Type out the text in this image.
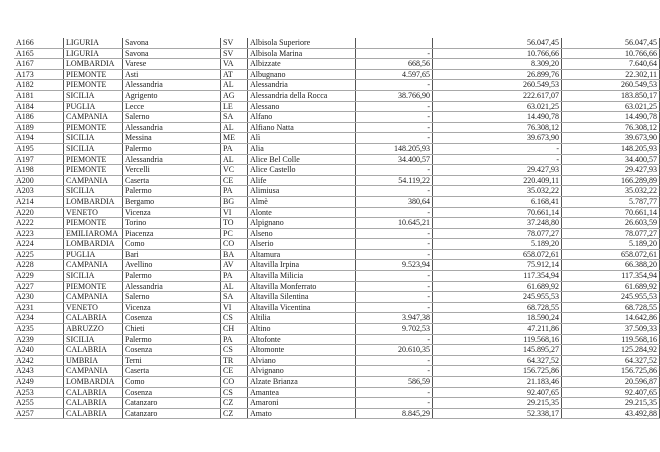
A166	LIGURIA	Savona	SV	Albisola Superiore		56.047,45	56.047,45
A165	LIGURIA	Savona	SV	Albisola Marina	-	10.766,66	10.766,66
A167	LOMBARDIA	Varese	VA	Albizzate	668,56	8.309,20	7.640,64
A173	PIEMONTE	Asti	AT	Albugnano	4.597,65	26.899,76	22.302,11
A182	PIEMONTE	Alessandria	AL	Alessandria	-	260.549,53	260.549,53
A181	SICILIA	Agrigento	AG	Alessandria della Rocca	38.766,90	222.617,07	183.850,17
A184	PUGLIA	Lecce	LE	Alessano	-	63.021,25	63.021,25
A186	CAMPANIA	Salerno	SA	Alfano	-	14.490,78	14.490,78
A189	PIEMONTE	Alessandria	AL	Alfiano Natta	-	76.308,12	76.308,12
A194	SICILIA	Messina	ME	Alì	-	39.673,90	39.673,90
A195	SICILIA	Palermo	PA	Alia	148.205,93	-	148.205,93
A197	PIEMONTE	Alessandria	AL	Alice Bel Colle	34.400,57	-	34.400,57
A198	PIEMONTE	Vercelli	VC	Alice Castello	-	29.427,93	29.427,93
A200	CAMPANIA	Caserta	CE	Alife	54.119,22	220.409,11	166.289,89
A203	SICILIA	Palermo	PA	Alimiusa	-	35.032,22	35.032,22
A214	LOMBARDIA	Bergamo	BG	Almè	380,64	6.168,41	5.787,77
A220	VENETO	Vicenza	VI	Alonte	-	70.661,14	70.661,14
A222	PIEMONTE	Torino	TO	Alpignano	10.645,21	37.248,80	26.603,59
A223	EMILIAROMA	Piacenza	PC	Alseno	-	78.077,27	78.077,27
A224	LOMBARDIA	Como	CO	Alserio	-	5.189,20	5.189,20
A225	PUGLIA	Bari	BA	Altamura	-	658.072,61	658.072,61
A228	CAMPANIA	Avellino	AV	Altavilla Irpina	9.523,94	75.912,14	66.388,20
A229	SICILIA	Palermo	PA	Altavilla Milicia	-	117.354,94	117.354,94
A227	PIEMONTE	Alessandria	AL	Altavilla Monferrato	-	61.689,92	61.689,92
A230	CAMPANIA	Salerno	SA	Altavilla Silentina	-	245.955,53	245.955,53
A231	VENETO	Vicenza	VI	Altavilla Vicentina	-	68.728,55	68.728,55
A234	CALABRIA	Cosenza	CS	Altilia	3.947,38	18.590,24	14.642,86
A235	ABRUZZO	Chieti	CH	Altino	9.702,53	47.211,86	37.509,33
A239	SICILIA	Palermo	PA	Altofonte	-	119.568,16	119.568,16
A240	CALABRIA	Cosenza	CS	Altomonte	20.610,35	145.895,27	125.284,92
A242	UMBRIA	Terni	TR	Alviano	-	64.327,52	64.327,52
A243	CAMPANIA	Caserta	CE	Alvignano	-	156.725,86	156.725,86
A249	LOMBARDIA	Como	CO	Alzate Brianza	586,59	21.183,46	20.596,87
A253	CALABRIA	Cosenza	CS	Amantea	-	92.407,65	92.407,65
A255	CALABRIA	Catanzaro	CZ	Amaroni	-	29.215,35	29.215,35
A257	CALABRIA	Catanzaro	CZ	Amato	8.845,29	52.338,17	43.492,88
